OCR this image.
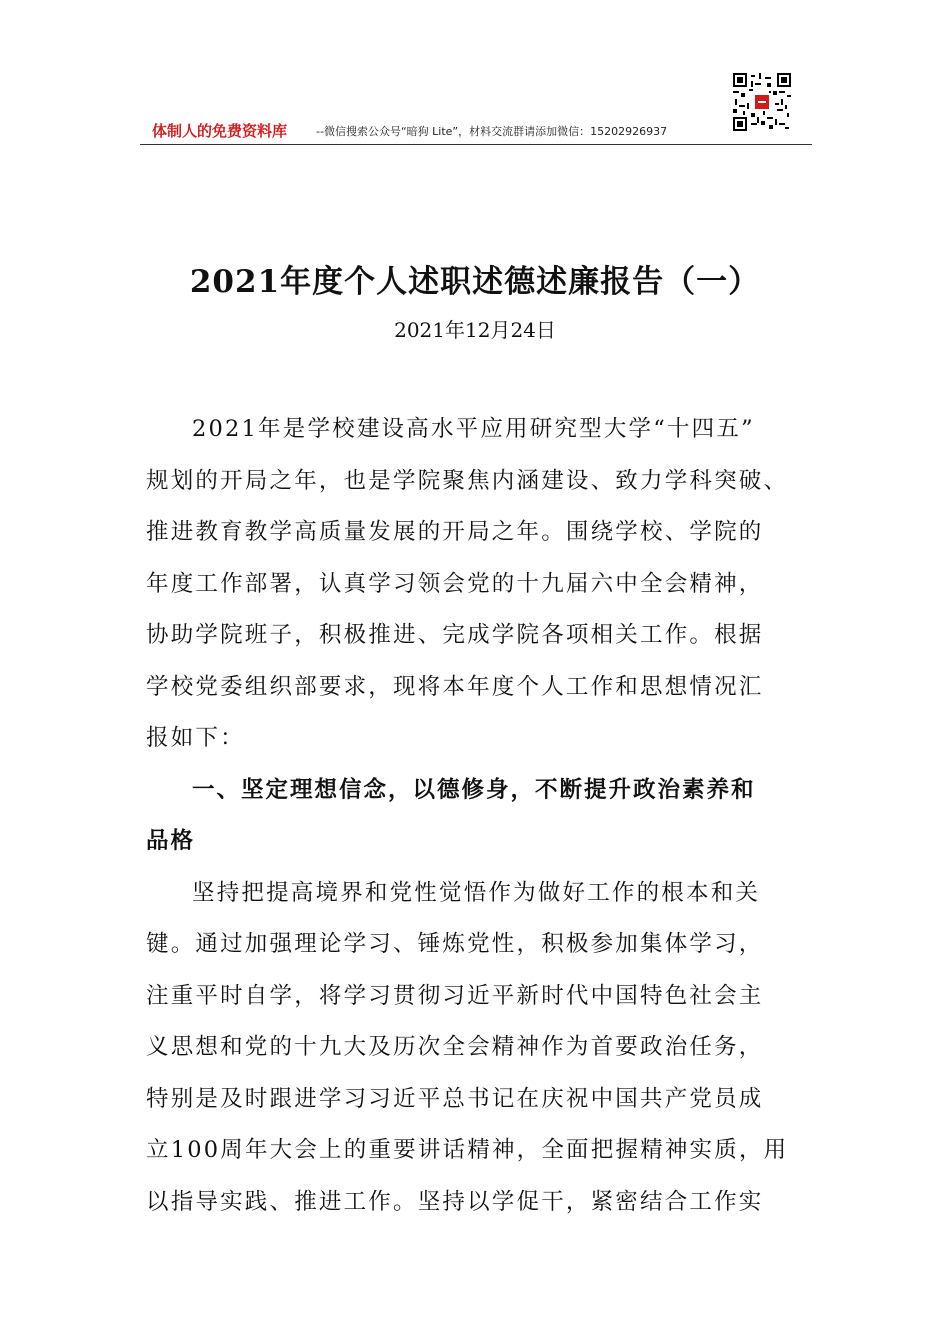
体制人的免费资料库	--微信搜索公众号“暗狗 Lite”，材料交流群请添加微信：15202926937
2021年度个人述职述德述廉报告（一）
2021年12月24日
2021年是学校建设高水平应用研究型大学“十四五”
规划的开局之年，也是学院聚焦内涵建设、致力学科突破、
推进教育教学高质量发展的开局之年。围绕学校、学院的
年度工作部署，认真学习领会党的十九届六中全会精神，
协助学院班子，积极推进、完成学院各项相关工作。根据
学校党委组织部要求，现将本年度个人工作和思想情况汇
报如下：
一、坚定理想信念，以德修身，不断提升政治素养和
品格
坚持把提高境界和党性觉悟作为做好工作的根本和关
键。通过加强理论学习、锤炼党性，积极参加集体学习，
注重平时自学，将学习贯彻习近平新时代中国特色社会主
义思想和党的十九大及历次全会精神作为首要政治任务，
特别是及时跟进学习习近平总书记在庆祝中国共产党员成
立100周年大会上的重要讲话精神，全面把握精神实质，用
以指导实践、推进工作。坚持以学促干，紧密结合工作实
